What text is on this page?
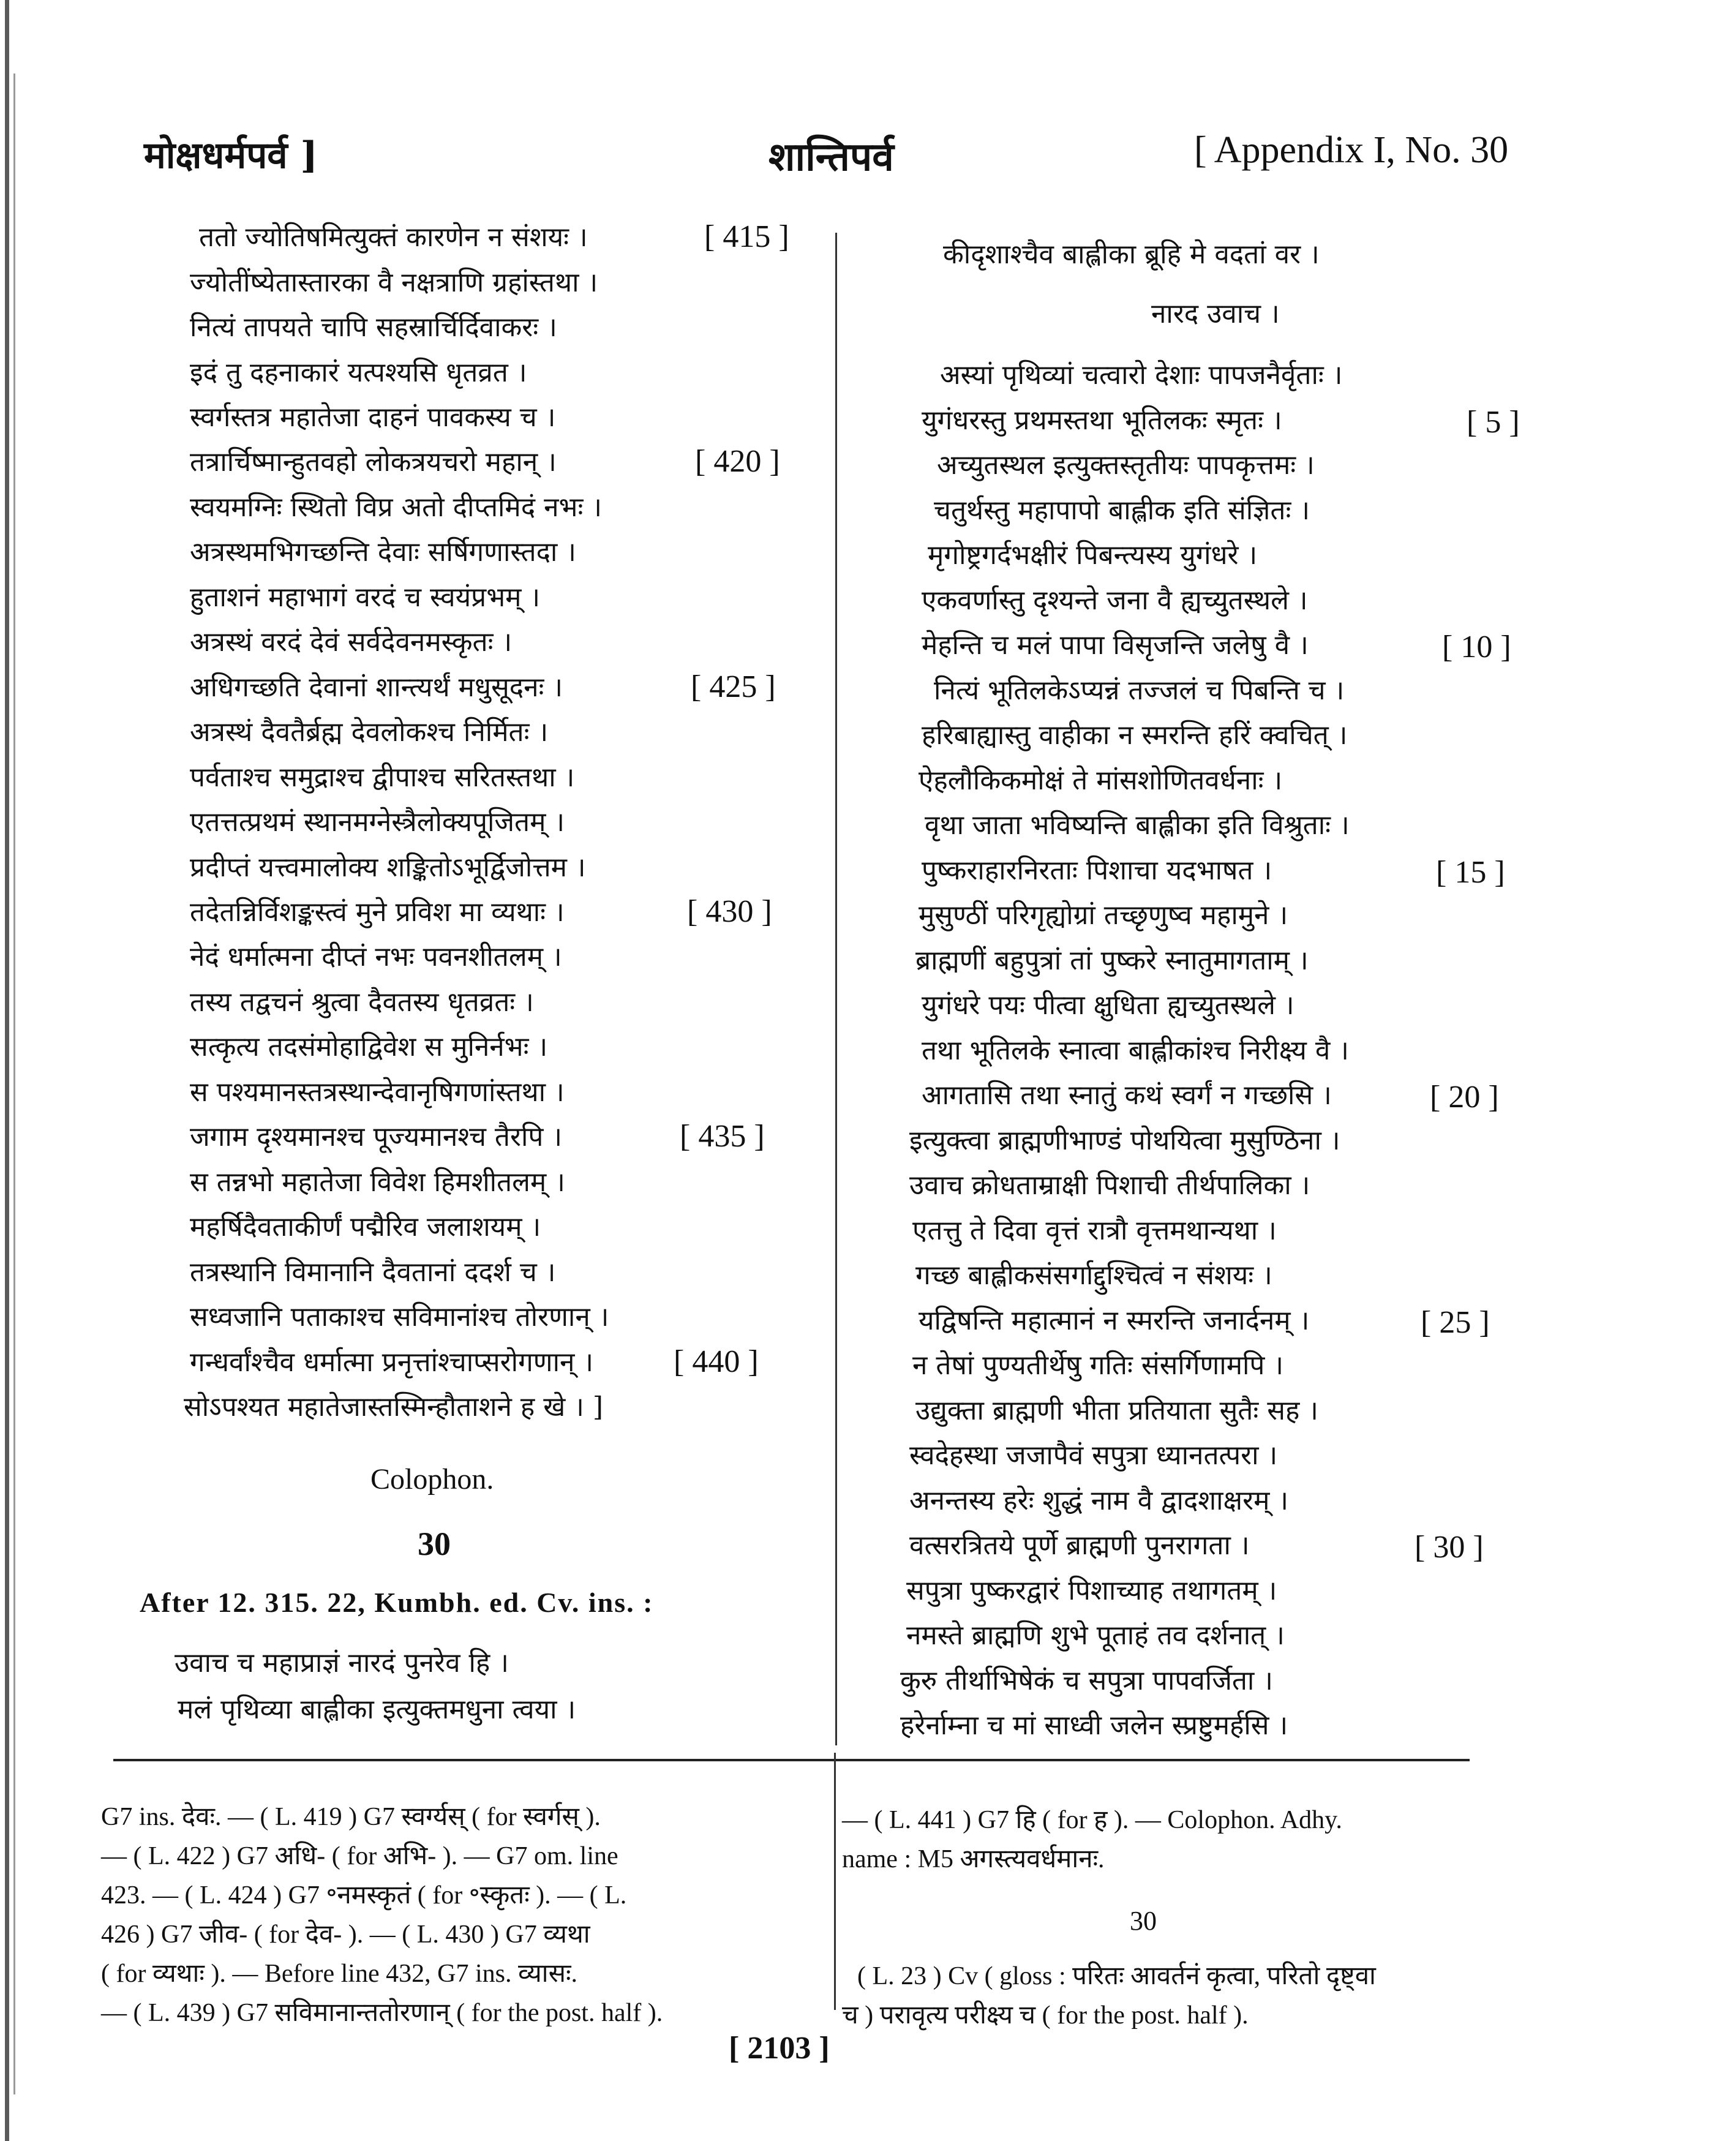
मोक्षधर्मपर्व ]	शान्तिपर्व	[ Appendix I, No. 30
ततो ज्योतिषमित्युक्तं कारणेन न संशयः ।
ज्योतींष्येतास्तारका वै नक्षत्राणि ग्रहांस्तथा ।
नित्यं तापयते चापि सहस्रार्चिर्दिवाकरः ।
इदं तु दहनाकारं यत्पश्यसि धृतव्रत ।
स्वर्गस्तत्र महातेजा दाहनं पावकस्य च ।
तत्रार्चिष्मान्हुतवहो लोकत्रयचरो महान् ।
स्वयमग्निः स्थितो विप्र अतो दीप्तमिदं नभः ।
अत्रस्थमभिगच्छन्ति देवाः सर्षिगणास्तदा ।
हुताशनं महाभागं वरदं च स्वयंप्रभम् ।
अत्रस्थं वरदं देवं सर्वदेवनमस्कृतः ।
अधिगच्छति देवानां शान्त्यर्थं मधुसूदनः ।
अत्रस्थं दैवतैर्ब्रह्म देवलोकश्च निर्मितः ।
पर्वताश्च समुद्राश्च द्वीपाश्च सरितस्तथा ।
एतत्तत्प्रथमं स्थानमग्नेस्त्रैलोक्यपूजितम् ।
प्रदीप्तं यत्त्वमालोक्य शङ्कितोऽभूर्द्विजोत्तम ।
तदेतन्निर्विशङ्कस्त्वं मुने प्रविश मा व्यथाः ।
नेदं धर्मात्मना दीप्तं नभः पवनशीतलम् ।
तस्य तद्वचनं श्रुत्वा दैवतस्य धृतव्रतः ।
सत्कृत्य तदसंमोहाद्विवेश स मुनिर्नभः ।
स पश्यमानस्तत्रस्थान्देवानृषिगणांस्तथा ।
जगाम दृश्यमानश्च पूज्यमानश्च तैरपि ।
स तन्नभो महातेजा विवेश हिमशीतलम् ।
महर्षिदैवताकीर्णं पद्मैरिव जलाशयम् ।
तत्रस्थानि विमानानि दैवतानां ददर्श च ।
सध्वजानि पताकाश्च सविमानांश्च तोरणान् ।
गन्धर्वांश्चैव धर्मात्मा प्रनृत्तांश्चाप्सरोगणान् ।
सोऽपश्यत महातेजास्तस्मिन्हौताशने ह खे । ]
[ 415 ]
[ 420 ]
[ 425 ]
[ 430 ]
[ 435 ]
[ 440 ]
Colophon.
30
After 12. 315. 22, Kumbh. ed. Cv. ins. :
उवाच च महाप्राज्ञं नारदं पुनरेव हि ।
मलं पृथिव्या बाह्लीका इत्युक्तमधुना त्वया ।
कीदृशाश्चैव बाह्लीका ब्रूहि मे वदतां वर ।
नारद उवाच ।
अस्यां पृथिव्यां चत्वारो देशाः पापजनैर्वृताः ।
युगंधरस्तु प्रथमस्तथा भूतिलकः स्मृतः ।
अच्युतस्थल इत्युक्तस्तृतीयः पापकृत्तमः ।
चतुर्थस्तु महापापो बाह्लीक इति संज्ञितः ।
मृगोष्ट्रगर्दभक्षीरं पिबन्त्यस्य युगंधरे ।
एकवर्णास्तु दृश्यन्ते जना वै ह्यच्युतस्थले ।
मेहन्ति च मलं पापा विसृजन्ति जलेषु वै ।
नित्यं भूतिलकेऽप्यन्नं तज्जलं च पिबन्ति च ।
हरिबाह्यास्तु वाहीका न स्मरन्ति हरिं क्वचित् ।
ऐहलौकिकमोक्षं ते मांसशोणितवर्धनाः ।
वृथा जाता भविष्यन्ति बाह्लीका इति विश्रुताः ।
पुष्कराहारनिरताः पिशाचा यदभाषत ।
मुसुण्ठीं परिगृह्योग्रां तच्छृणुष्व महामुने ।
ब्राह्मणीं बहुपुत्रां तां पुष्करे स्नातुमागताम् ।
युगंधरे पयः पीत्वा क्षुधिता ह्यच्युतस्थले ।
तथा भूतिलके स्नात्वा बाह्लीकांश्च निरीक्ष्य वै ।
आगतासि तथा स्नातुं कथं स्वर्गं न गच्छसि ।
इत्युक्त्वा ब्राह्मणीभाण्डं पोथयित्वा मुसुण्ठिना ।
उवाच क्रोधताम्राक्षी पिशाची तीर्थपालिका ।
एतत्तु ते दिवा वृत्तं रात्रौ वृत्तमथान्यथा ।
गच्छ बाह्लीकसंसर्गाद्दुश्चित्वं न संशयः ।
यद्विषन्ति महात्मानं न स्मरन्ति जनार्दनम् ।
न तेषां पुण्यतीर्थेषु गतिः संसर्गिणामपि ।
उद्युक्ता ब्राह्मणी भीता प्रतियाता सुतैः सह ।
स्वदेहस्था जजापैवं सपुत्रा ध्यानतत्परा ।
अनन्तस्य हरेः शुद्धं नाम वै द्वादशाक्षरम् ।
वत्सरत्रितये पूर्णे ब्राह्मणी पुनरागता ।
सपुत्रा पुष्करद्वारं पिशाच्याह तथागतम् ।
नमस्ते ब्राह्मणि शुभे पूताहं तव दर्शनात् ।
कुरु तीर्थाभिषेकं च सपुत्रा पापवर्जिता ।
हरेर्नाम्ना च मां साध्वी जलेन स्प्रष्टुमर्हसि ।
[ 5 ]
[ 10 ]
[ 15 ]
[ 20 ]
[ 25 ]
[ 30 ]
G7 ins. देवः. — ( L. 419 ) G7 स्वर्ग्यस् ( for स्वर्गस् ).
— ( L. 422 ) G7 अधि- ( for अभि- ). — G7 om. line
423. — ( L. 424 ) G7 ॰नमस्कृतं ( for ॰स्कृतः ). — ( L.
426 ) G7 जीव- ( for देव- ). — ( L. 430 ) G7 व्यथा
( for व्यथाः ). — Before line 432, G7 ins. व्यासः.
— ( L. 439 ) G7 सविमानान्ततोरणान् ( for the post. half ).
— ( L. 441 ) G7 हि ( for ह ). — Colophon. Adhy.
name : M5 अगस्त्यवर्धमानः.
30
( L. 23 ) Cv ( gloss : परितः आवर्तनं कृत्वा, परितो दृष्ट्वा
च ) परावृत्य परीक्ष्य च ( for the post. half ).
[ 2103 ]
